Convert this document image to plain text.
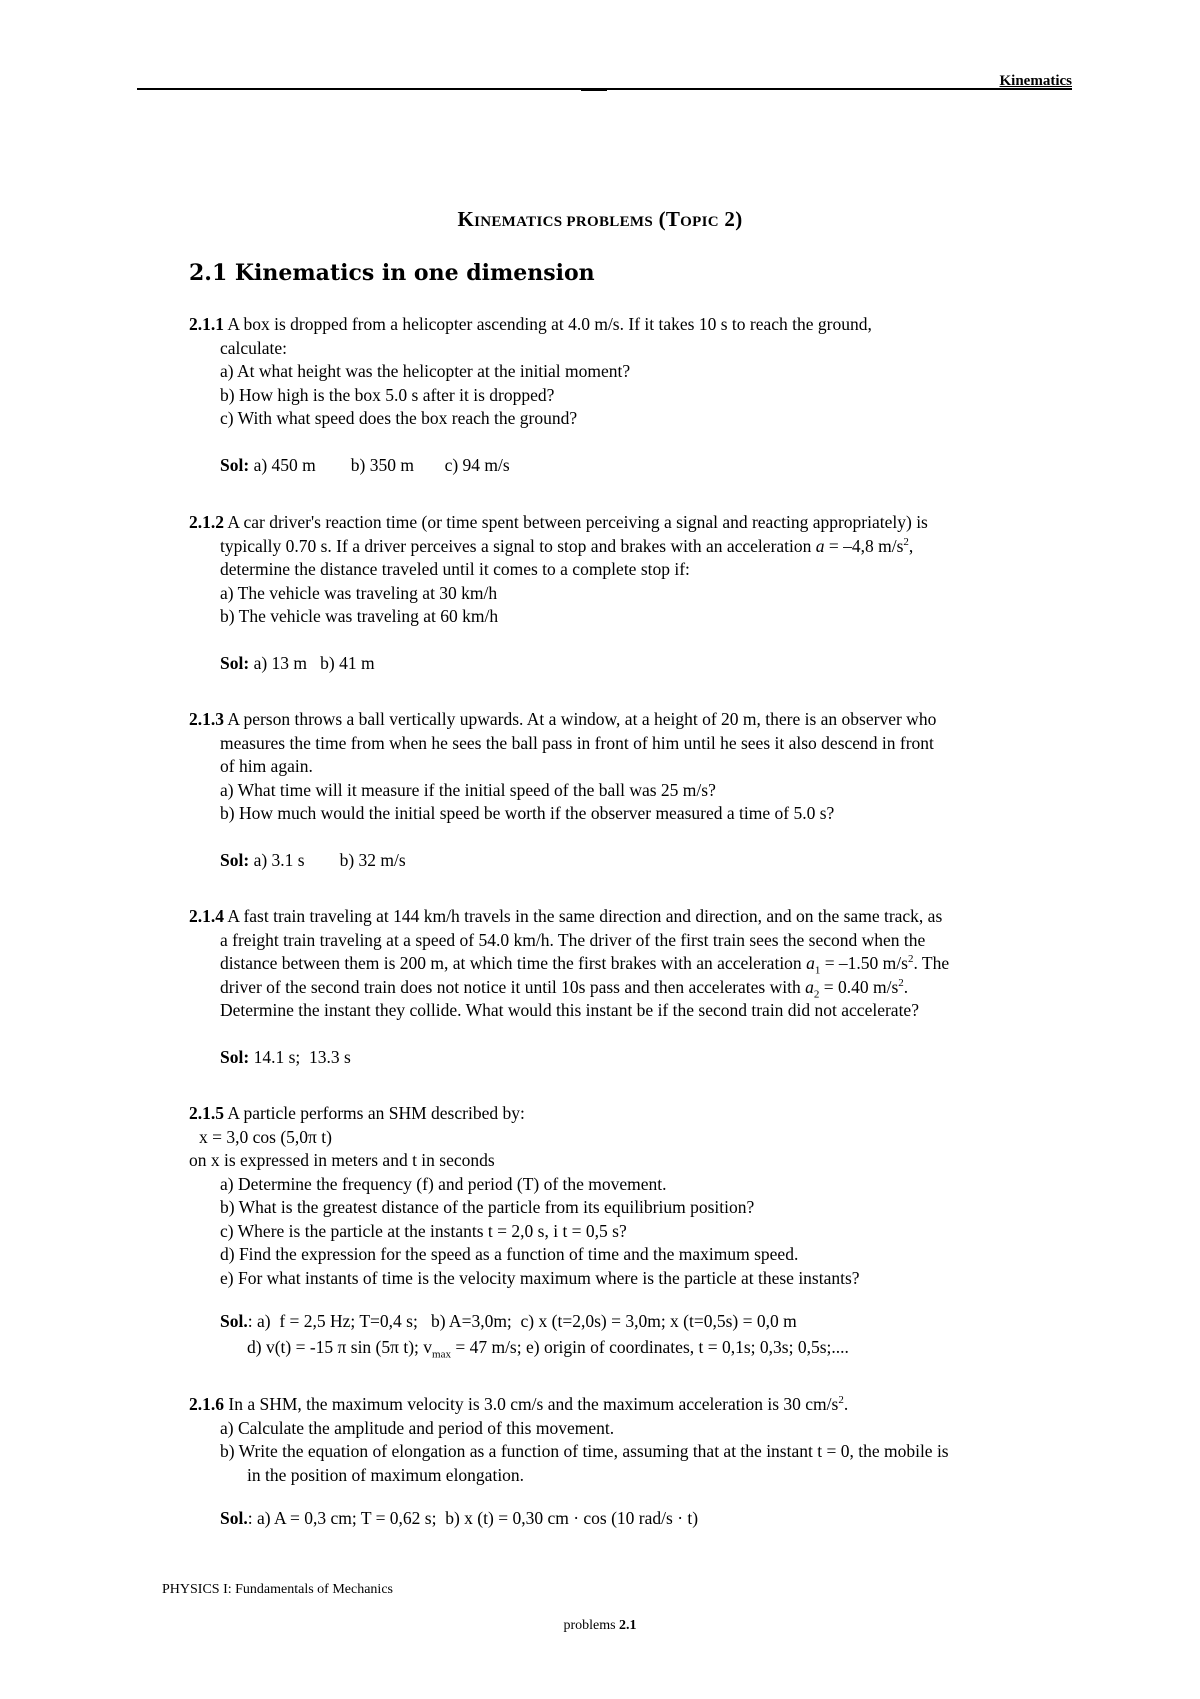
Kinematics
KINEMATICS PROBLEMS (TOPIC 2)
2.1 Kinematics in one dimension
2.1.1 A box is dropped from a helicopter ascending at 4.0 m/s. If it takes 10 s to reach the ground,
calculate:
a) At what height was the helicopter at the initial moment?
b) How high is the box 5.0 s after it is dropped?
c) With what speed does the box reach the ground?
Sol: a) 450 m        b) 350 m       c) 94 m/s
2.1.2 A car driver's reaction time (or time spent between perceiving a signal and reacting appropriately) is
typically 0.70 s. If a driver perceives a signal to stop and brakes with an acceleration a = –4,8 $m/s^2$,
determine the distance traveled until it comes to a complete stop if:
a) The vehicle was traveling at 30 km/h
b) The vehicle was traveling at 60 km/h
Sol: a) 13 m   b) 41 m
2.1.3 A person throws a ball vertically upwards. At a window, at a height of 20 m, there is an observer who
measures the time from when he sees the ball pass in front of him until he sees it also descend in front
of him again.
a) What time will it measure if the initial speed of the ball was 25 m/s?
b) How much would the initial speed be worth if the observer measured a time of 5.0 s?
Sol: a) 3.1 s        b) 32 m/s
2.1.4 A fast train traveling at 144 km/h travels in the same direction and direction, and on the same track, as
a freight train traveling at a speed of 54.0 km/h. The driver of the first train sees the second when the
distance between them is 200 m, at which time the first brakes with an acceleration $a_1 = -1.50$ $m/s^2$. The
driver of the second train does not notice it until 10s pass and then accelerates with $a_2 = 0.40$ $m/s^2$.
Determine the instant they collide. What would this instant be if the second train did not accelerate?
Sol: 14.1 s;  13.3 s
2.1.5 A particle performs an SHM described by:
x = 3,0 cos (5,0π t)
on x is expressed in meters and t in seconds
a) Determine the frequency (f) and period (T) of the movement.
b) What is the greatest distance of the particle from its equilibrium position?
c) Where is the particle at the instants t = 2,0 s, i t = 0,5 s?
d) Find the expression for the speed as a function of time and the maximum speed.
e) For what instants of time is the velocity maximum where is the particle at these instants?
Sol.: a)  f = 2,5 Hz; T=0,4 s;   b) A=3,0m;  c) x (t=2,0s) = 3,0m; x (t=0,5s) = 0,0 m
d) v(t) = -15 π sin (5π t); $v_{max} = 47$ m/s; e) origin of coordinates, t = 0,1s; 0,3s; 0,5s;....
2.1.6 In a SHM, the maximum velocity is 3.0 cm/s and the maximum acceleration is 30 $cm/s^2$.
a) Calculate the amplitude and period of this movement.
b) Write the equation of elongation as a function of time, assuming that at the instant t = 0, the mobile is
in the position of maximum elongation.
Sol.: a) A = 0,3 cm; T = 0,62 s;  b) x (t) = 0,30 cm · cos (10 rad/s · t)
PHYSICS I: Fundamentals of Mechanics
problems 2.1
